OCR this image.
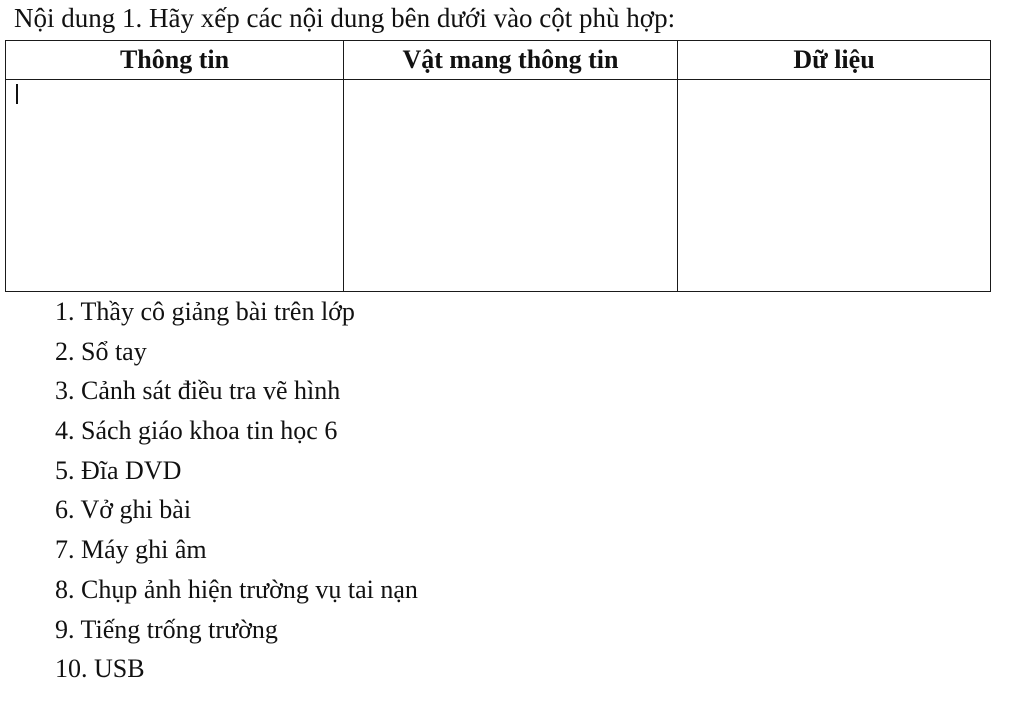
Nội dung 1. Hãy xếp các nội dung bên dưới vào cột phù hợp:
Thông tin	Vật mang thông tin	Dữ liệu

1. Thầy cô giảng bài trên lớp
2. Sổ tay
3. Cảnh sát điều tra vẽ hình
4. Sách giáo khoa tin học 6
5. Đĩa DVD
6. Vở ghi bài
7. Máy ghi âm
8. Chụp ảnh hiện trường vụ tai nạn
9. Tiếng trống trường
10. USB
